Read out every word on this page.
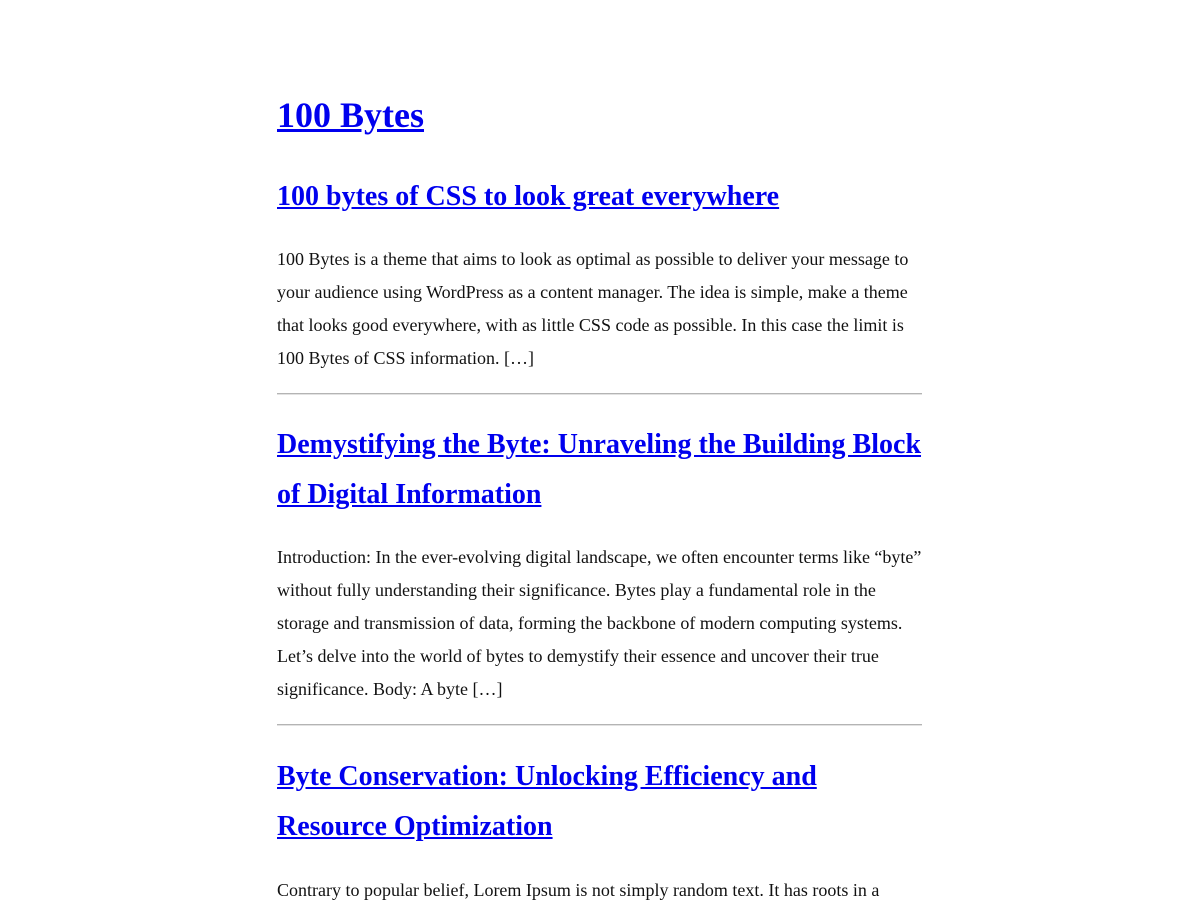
100 Bytes
100 bytes of CSS to look great everywhere

100 Bytes is a theme that aims to look as optimal as possible to deliver your message to your audience using WordPress as a content manager. The idea is simple, make a theme that looks good everywhere, with as little CSS code as possible. In this case the limit is 100 Bytes of CSS information. […]

Demystifying the Byte: Unraveling the Building Block of Digital Information

Introduction: In the ever-evolving digital landscape, we often encounter terms like “byte” without fully understanding their significance. Bytes play a fundamental role in the storage and transmission of data, forming the backbone of modern computing systems. Let’s delve into the world of bytes to demystify their essence and uncover their true significance. Body: A byte […]

Byte Conservation: Unlocking Efficiency and Resource Optimization

Contrary to popular belief, Lorem Ipsum is not simply random text. It has roots in a
